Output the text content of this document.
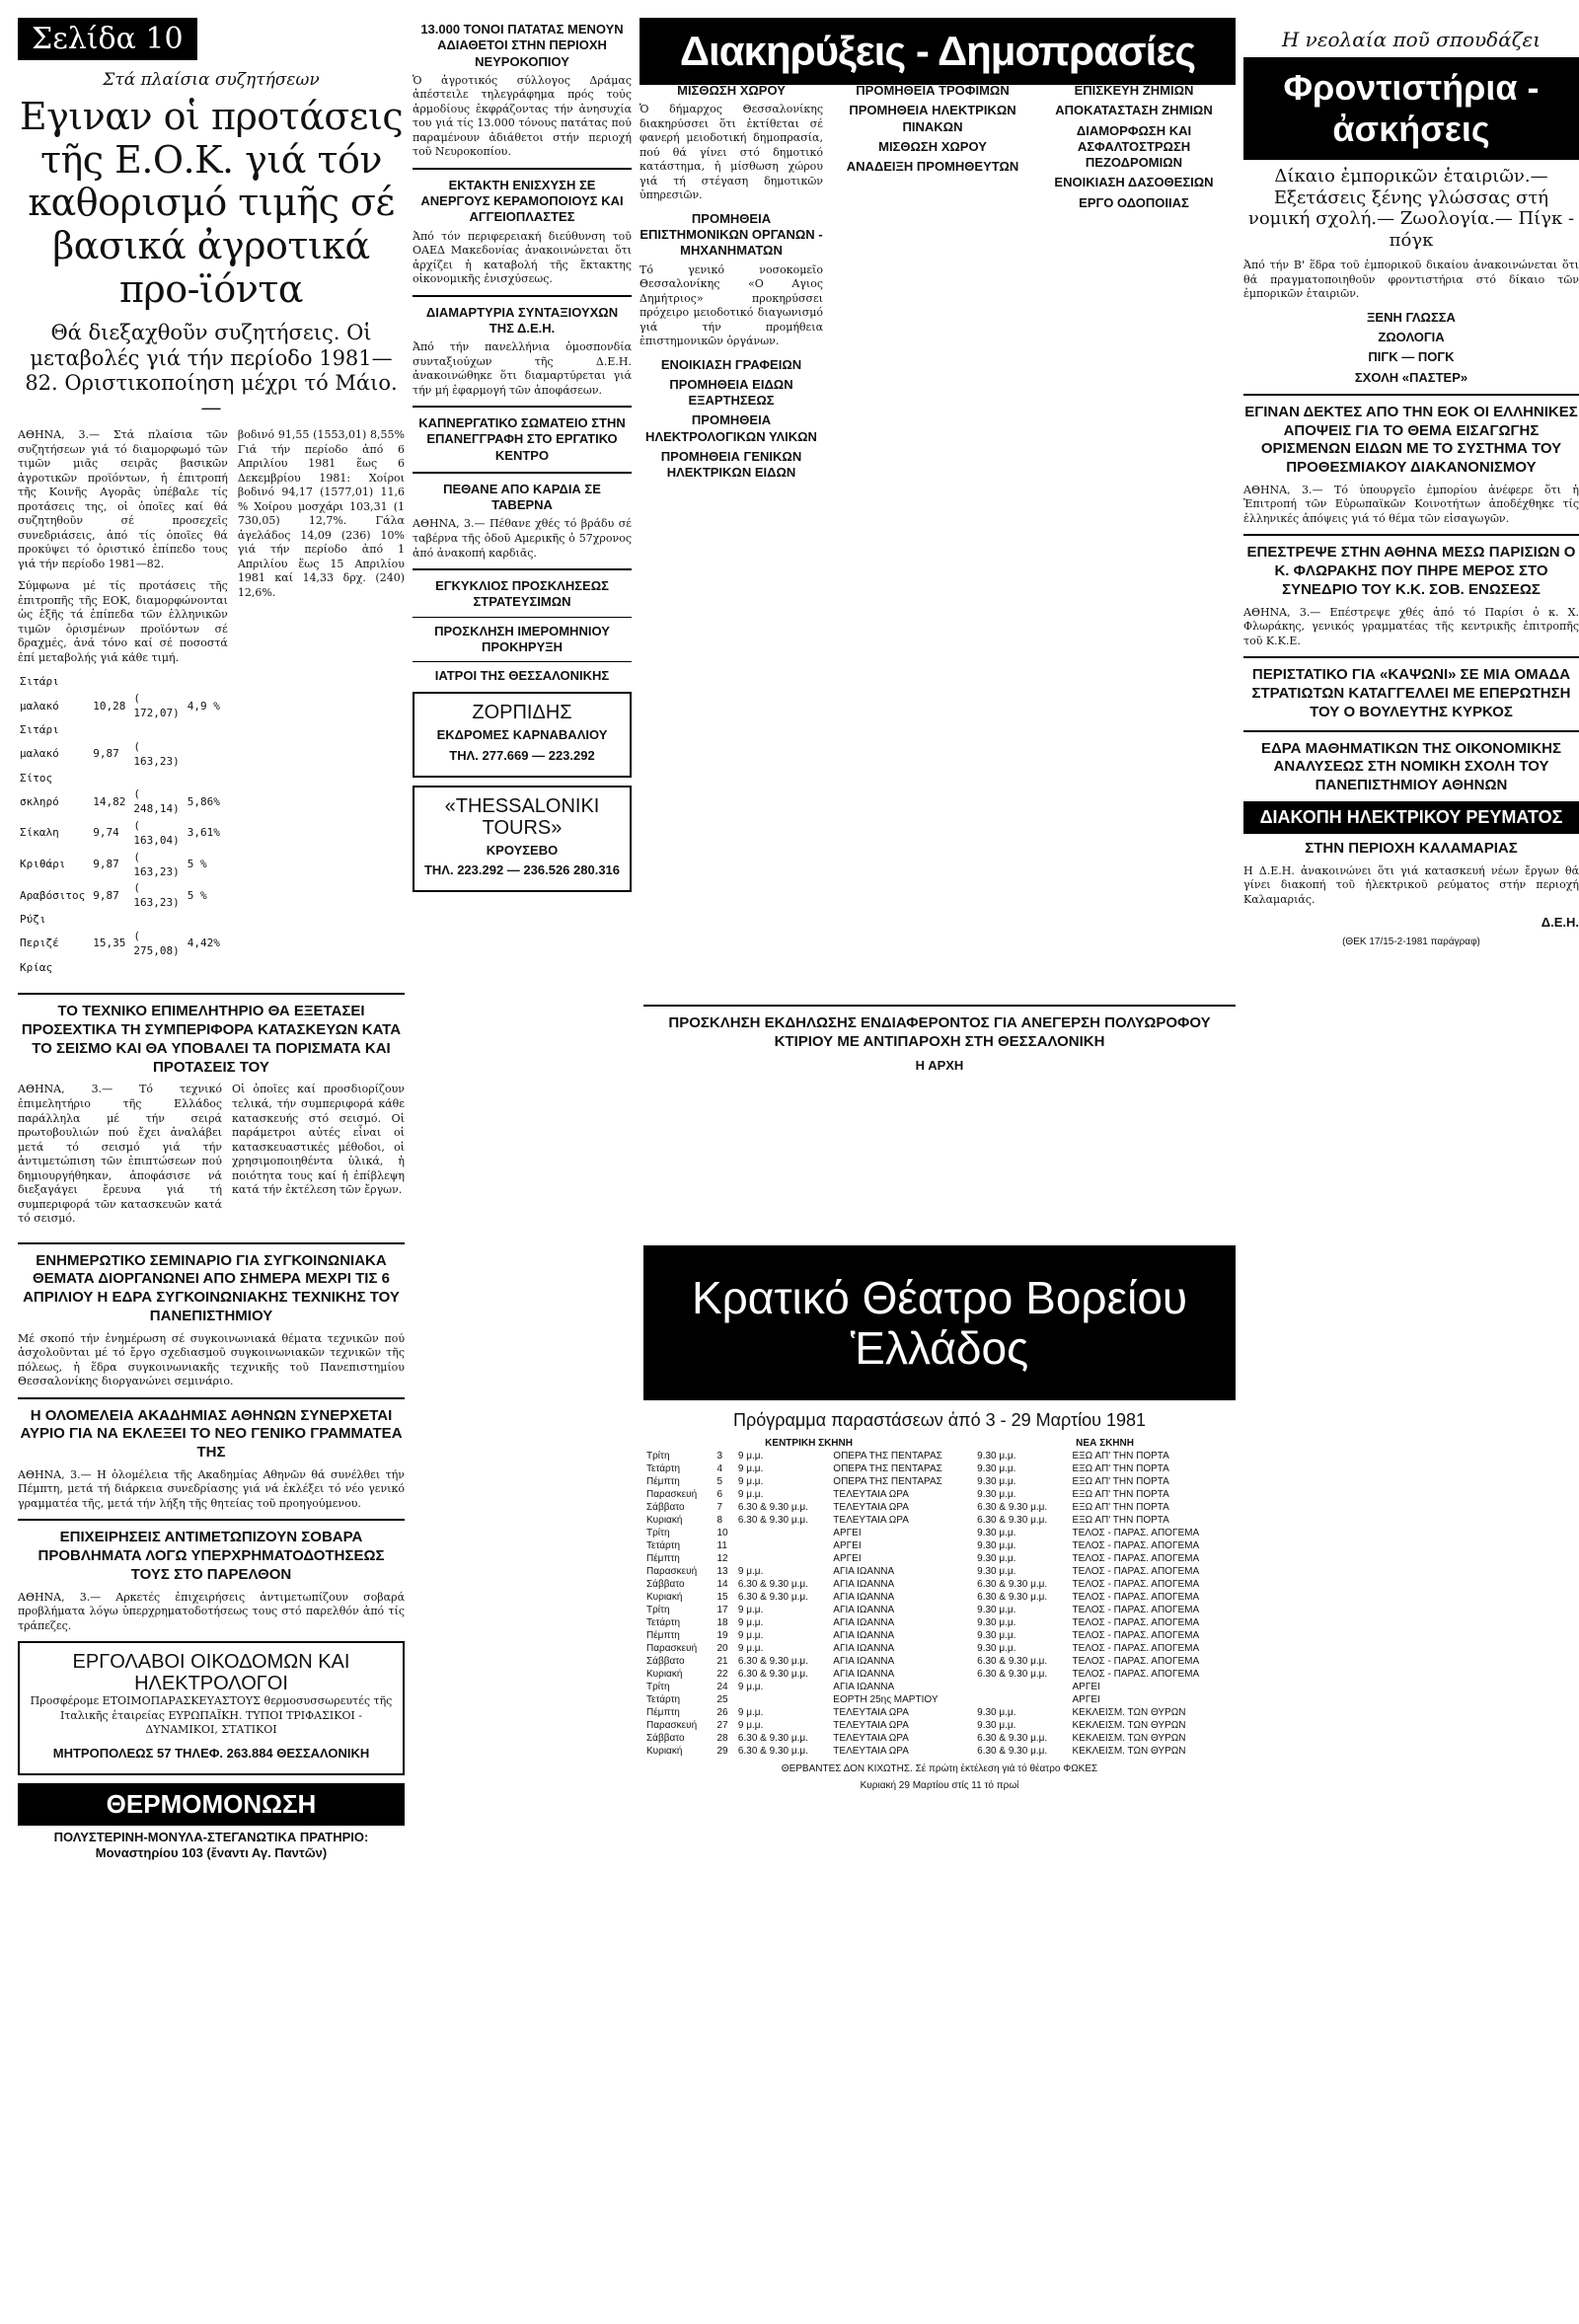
Σελίδα 10
Στά πλαίσια συζητήσεων
Εγιναν οἱ προτάσεις τῆς Ε.Ο.Κ. γιά τόν καθορισμό τιμῆς σέ βασικά ἀγροτικά προ-ϊόντα
Θά διεξαχθοῦν συζητήσεις. Οἱ μεταβολές γιά τήν περίοδο 1981—82. Οριστικοποίηση μέχρι τό Μάιο.—

ΑΘΗΝΑ, 3.— Στά πλαίσια τῶν συζητήσεων γιά τό διαμορφωμό τῶν τιμῶν μιᾶς σειρᾶς βασικῶν ἀγροτικῶν προϊόντων, ἡ ἐπιτροπή τῆς Κοινῆς Αγορᾶς ὑπέβαλε τίς προτάσεις της, οἱ ὁποῖες καί θά συζητηθοῦν σέ προσεχεῖς συνεδριάσεις, ἀπό τίς ὁποῖες θά προκύψει τό ὀριστικό ἐπίπεδο τους γιά τήν περίοδο 1981—82.

Σύμφωνα μέ τίς προτάσεις τῆς ἐπιτροπῆς τῆς ΕΟΚ, διαμορφώνονται ὡς ἑξῆς τά ἐπίπεδα τῶν ἑλληνικῶν τιμῶν ὁρισμένων προϊόντων σέ δραχμές, ἀνά τόνο καί σέ ποσοστά ἐπί μεταβολής γιά κάθε τιμή.

Σιτάρι			
μαλακό	10,28	( 172,07)	4,9 %
Σιτάρι			
μαλακό	9,87	( 163,23)	
Σίτος			
σκληρό	14,82	( 248,14)	5,86%
Σίκαλη	9,74	( 163,04)	3,61%
Κριθάρι	9,87	( 163,23)	5 %
Αραβόσιτος	9,87	( 163,23)	5 %
Ρύζι			
Περιζέ	15,35	( 275,08)	4,42%
Κρίας			

βοδινό 91,55 (1553,01) 8,55% Γιά τήν περίοδο ἀπό 6 Απριλίου 1981 ἕως 6 Δεκεμβρίου 1981: Χοίροι βοδινό 94,17 (1577,01) 11,6 % Χοίρου μοσχάρι 103,31 (1 730,05) 12,7%. Γάλα ἀγελάδος 14,09 (236) 10% γιά τήν περίοδο ἀπό 1 Απριλίου ἕως 15 Απριλίου 1981 καί 14,33 δρχ. (240) 12,6%.

ΤΟ ΤΕΧΝΙΚΟ ΕΠΙΜΕΛΗΤΗΡΙΟ ΘΑ ΕΞΕΤΑΣΕΙ ΠΡΟΣΕΧΤΙΚΑ ΤΗ ΣΥΜΠΕΡΙΦΟΡΑ ΚΑΤΑΣΚΕΥΩΝ ΚΑΤΑ ΤΟ ΣΕΙΣΜΟ ΚΑΙ ΘΑ ΥΠΟΒΑΛΕΙ ΤΑ ΠΟΡΙΣΜΑΤΑ ΚΑΙ ΠΡΟΤΑΣΕΙΣ ΤΟΥ

ΑΘΗΝΑ, 3.— Τό τεχνικό ἐπιμελητήριο τῆς Ελλάδος παράλληλα μέ τήν σειρά πρωτοβουλιών πού ἔχει ἀναλάβει μετά τό σεισμό γιά τήν ἀντιμετώπιση τῶν ἐπιπτώσεων πού δημιουργήθηκαν, ἀποφάσισε νά διεξαγάγει ἔρευνα γιά τή συμπεριφορά τῶν κατασκευῶν κατά τό σεισμό.

Οἱ ὁποῖες καί προσδιορίζουν τελικά, τήν συμπεριφορά κάθε κατασκευής στό σεισμό. Οἱ παράμετροι αὐτές εἶναι οἱ κατασκευαστικές μέθοδοι, οἱ χρησιμοποιηθέντα ὑλικά, ἡ ποιότητα τους καί ἡ ἐπίβλεψη κατά τήν ἐκτέλεση τῶν ἔργων.

ΕΝΗΜΕΡΩΤΙΚΟ ΣΕΜΙΝΑΡΙΟ ΓΙΑ ΣΥΓΚΟΙΝΩΝΙΑΚΑ ΘΕΜΑΤΑ ΔΙΟΡΓΑΝΩΝΕΙ ΑΠΟ ΣΗΜΕΡΑ ΜΕΧΡΙ ΤΙΣ 6 ΑΠΡΙΛΙΟΥ Η ΕΔΡΑ ΣΥΓΚΟΙΝΩΝΙΑΚΗΣ ΤΕΧΝΙΚΗΣ ΤΟΥ ΠΑΝΕΠΙΣΤΗΜΙΟΥ

Μέ σκοπό τήν ἐνημέρωση σέ συγκοινωνιακά θέματα τεχνικῶν πού ἀσχολοῦνται μέ τό ἔργο σχεδιασμοῦ συγκοινωνιακῶν τεχνικῶν τῆς πόλεως, ἡ ἕδρα συγκοινωνιακῆς τεχνικῆς τοῦ Πανεπιστημίου Θεσσαλονίκης διοργανώνει σεμινάριο.

Η ΟΛΟΜΕΛΕΙΑ ΑΚΑΔΗΜΙΑΣ ΑΘΗΝΩΝ ΣΥΝΕΡΧΕΤΑΙ ΑΥΡΙΟ ΓΙΑ ΝΑ ΕΚΛΕΞΕΙ ΤΟ ΝΕΟ ΓΕΝΙΚΟ ΓΡΑΜΜΑΤΕΑ ΤΗΣ

ΑΘΗΝΑ, 3.— Η ὁλομέλεια τῆς Ακαδημίας Αθηνῶν θά συνέλθει τήν Πέμπτη, μετά τή διάρκεια συνεδρίασης γιά νά ἐκλέξει τό νέο γενικό γραμματέα τῆς, μετά τήν λήξη τῆς θητείας τοῦ προηγούμενου.

ΕΠΙΧΕΙΡΗΣΕΙΣ ΑΝΤΙΜΕΤΩΠΙΖΟΥΝ ΣΟΒΑΡΑ ΠΡΟΒΛΗΜΑΤΑ ΛΟΓΩ ΥΠΕΡΧΡΗΜΑΤΟΔΟΤΗΣΕΩΣ ΤΟΥΣ ΣΤΟ ΠΑΡΕΛΘΟΝ

ΑΘΗΝΑ, 3.— Αρκετές ἐπιχειρήσεις ἀντιμετωπίζουν σοβαρά προβλήματα λόγω ὑπερχρηματοδοτήσεως τους στό παρελθόν ἀπό τίς τράπεζες.

ΕΡΓΟΛΑΒΟΙ ΟΙΚΟΔΟΜΩΝ ΚΑΙ ΗΛΕΚΤΡΟΛΟΓΟΙ

Προσφέρομε ΕΤΟΙΜΟΠΑΡΑΣΚΕΥΑΣΤΟΥΣ θερμοσυσσωρευτές τῆς Ιταλικῆς ἑταιρείας ΕΥΡΩΠΑΪΚΗ. ΤΥΠΟΙ ΤΡΙΦΑΣΙΚΟΙ - ΔΥΝΑΜΙΚΟΙ, ΣΤΑΤΙΚΟΙ

ΜΗΤΡΟΠΟΛΕΩΣ 57 ΤΗΛΕΦ. 263.884 ΘΕΣΣΑΛΟΝΙΚΗ
ΘΕΡΜΟΜΟΝΩΣΗ
ΠΟΛΥΣΤΕΡΙΝΗ-ΜΟΝΥΛΑ-ΣΤΕΓΑΝΩΤΙΚΑ ΠΡΑΤΗΡΙΟ: Μοναστηρίου 103 (ἔναντι Αγ. Παντῶν)
13.000 ΤΟΝΟΙ ΠΑΤΑΤΑΣ ΜΕΝΟΥΝ ΑΔΙΑΘΕΤΟΙ ΣΤΗΝ ΠΕΡΙΟΧΗ ΝΕΥΡΟΚΟΠΙΟΥ

Ὁ ἀγροτικός σύλλογος Δράμας ἀπέστειλε τηλεγράφημα πρός τούς ἁρμοδίους ἐκφράζοντας τήν ἀνησυχία του γιά τίς 13.000 τόνους πατάτας πού παραμένουν ἀδιάθετοι στήν περιοχή τοῦ Νευροκοπίου.

ΕΚΤΑΚΤΗ ΕΝΙΣΧΥΣΗ ΣΕ ΑΝΕΡΓΟΥΣ ΚΕΡΑΜΟΠΟΙΟΥΣ ΚΑΙ ΑΓΓΕΙΟΠΛΑΣΤΕΣ

Ἀπό τόν περιφερειακή διεύθυνση τοῦ ΟΑΕΔ Μακεδονίας ἀνακοινώνεται ὅτι ἀρχίζει ἡ καταβολή τῆς ἔκτακτης οἰκονομικῆς ἐνισχύσεως.

ΔΙΑΜΑΡΤΥΡΙΑ ΣΥΝΤΑΞΙΟΥΧΩΝ ΤΗΣ Δ.Ε.Η.

Ἀπό τήν πανελλήνια ὁμοσπονδία συνταξιούχων τῆς Δ.Ε.Η. ἀνακοινώθηκε ὅτι διαμαρτύρεται γιά τήν μή ἐφαρμογή τῶν ἀποφάσεων.

ΚΑΠΝΕΡΓΑΤΙΚΟ ΣΩΜΑΤΕΙΟ ΣΤΗΝ ΕΠΑΝΕΓΓΡΑΦΗ ΣΤΟ ΕΡΓΑΤΙΚΟ ΚΕΝΤΡΟ
ΠΕΘΑΝΕ ΑΠΟ ΚΑΡΔΙΑ ΣΕ ΤΑΒΕΡΝΑ

ΑΘΗΝΑ, 3.— Πέθανε χθές τό βράδυ σέ ταβέρνα τῆς ὁδοῦ Αμερικῆς ὁ 57χρονος ἀπό ἀνακοπή καρδιᾶς.

ΕΓΚΥΚΛΙΟΣ ΠΡΟΣΚΛΗΣΕΩΣ ΣΤΡΑΤΕΥΣΙΜΩΝ
ΠΡΟΣΚΛΗΣΗ ΙΜΕΡΟΜΗΝΙΟΥ ΠΡΟΚΗΡΥΞΗ
ΙΑΤΡΟΙ ΤΗΣ ΘΕΣΣΑΛΟΝΙΚΗΣ
ΖΟΡΠΙΔΗΣ
ΕΚΔΡΟΜΕΣ ΚΑΡΝΑΒΑΛΙΟΥ
ΤΗΛ. 277.669 — 223.292
«THESSALONIKI TOURS»
ΚΡΟΥΣΕΒΟ
ΤΗΛ. 223.292 — 236.526 280.316
Διακηρύξεις - Δημοπρασίες
ΜΙΣΘΩΣΗ ΧΩΡΟΥ

Ὁ δήμαρχος Θεσσαλονίκης διακηρύσσει ὅτι ἐκτίθεται σέ φανερή μειοδοτική δημοπρασία, πού θά γίνει στό δημοτικό κατάστημα, ἡ μίσθωση χώρου γιά τή στέγαση δημοτικῶν ὑπηρεσιῶν.

ΠΡΟΜΗΘΕΙΑ ΕΠΙΣΤΗΜΟΝΙΚΩΝ ΟΡΓΑΝΩΝ - ΜΗΧΑΝΗΜΑΤΩΝ

Τό γενικό νοσοκομεῖο Θεσσαλονίκης «Ο Αγιος Δημήτριος» προκηρύσσει πρόχειρο μειοδοτικό διαγωνισμό γιά τήν προμήθεια ἐπιστημονικῶν ὀργάνων.

ΕΝΟΙΚΙΑΣΗ ΓΡΑΦΕΙΩΝ
ΠΡΟΜΗΘΕΙΑ ΕΙΔΩΝ ΕΞΑΡΤΗΣΕΩΣ
ΠΡΟΜΗΘΕΙΑ ΗΛΕΚΤΡΟΛΟΓΙΚΩΝ ΥΛΙΚΩΝ
ΠΡΟΜΗΘΕΙΑ ΓΕΝΙΚΩΝ ΗΛΕΚΤΡΙΚΩΝ ΕΙΔΩΝ
ΠΡΟΜΗΘΕΙΑ ΤΡΟΦΙΜΩΝ
ΠΡΟΜΗΘΕΙΑ ΗΛΕΚΤΡΙΚΩΝ ΠΙΝΑΚΩΝ
ΜΙΣΘΩΣΗ ΧΩΡΟΥ
ΑΝΑΔΕΙΞΗ ΠΡΟΜΗΘΕΥΤΩΝ
ΕΠΙΣΚΕΥΗ ΖΗΜΙΩΝ
ΑΠΟΚΑΤΑΣΤΑΣΗ ΖΗΜΙΩΝ
ΔΙΑΜΟΡΦΩΣΗ ΚΑΙ ΑΣΦΑΛΤΟΣΤΡΩΣΗ ΠΕΖΟΔΡΟΜΙΩΝ
ΕΝΟΙΚΙΑΣΗ ΔΑΣΟΘΕΣΙΩΝ
ΕΡΓΟ ΟΔΟΠΟΙΙΑΣ
ΠΡΟΣΚΛΗΣΗ ΕΚΔΗΛΩΣΗΣ ΕΝΔΙΑΦΕΡΟΝΤΟΣ ΓΙΑ ΑΝΕΓΕΡΣΗ ΠΟΛΥΩΡΟΦΟΥ ΚΤΙΡΙΟΥ ΜΕ ΑΝΤΙΠΑΡΟΧΗ ΣΤΗ ΘΕΣΣΑΛΟΝΙΚΗ
Η ΑΡΧΗ
Κρατικό Θέατρο Βορείου Ἑλλάδος
Πρόγραμμα παραστάσεων ἀπό 3 - 29 Μαρτίου 1981
ΚΕΝΤΡΙΚΗ ΣΚΗΝΗ				ΝΕΑ ΣΚΗΝΗ	
Τρίτη	3	9 μ.μ.	ΟΠΕΡΑ ΤΗΣ ΠΕΝΤΑΡΑΣ	9.30 μ.μ.	ΕΞΩ ΑΠ' ΤΗΝ ΠΟΡΤΑ
Τετάρτη	4	9 μ.μ.	ΟΠΕΡΑ ΤΗΣ ΠΕΝΤΑΡΑΣ	9.30 μ.μ.	ΕΞΩ ΑΠ' ΤΗΝ ΠΟΡΤΑ
Πέμπτη	5	9 μ.μ.	ΟΠΕΡΑ ΤΗΣ ΠΕΝΤΑΡΑΣ	9.30 μ.μ.	ΕΞΩ ΑΠ' ΤΗΝ ΠΟΡΤΑ
Παρασκευή	6	9 μ.μ.	ΤΕΛΕΥΤΑΙΑ ΩΡΑ	9.30 μ.μ.	ΕΞΩ ΑΠ' ΤΗΝ ΠΟΡΤΑ
Σάββατο	7	6.30 & 9.30 μ.μ.	ΤΕΛΕΥΤΑΙΑ ΩΡΑ	6.30 & 9.30 μ.μ.	ΕΞΩ ΑΠ' ΤΗΝ ΠΟΡΤΑ
Κυριακή	8	6.30 & 9.30 μ.μ.	ΤΕΛΕΥΤΑΙΑ ΩΡΑ	6.30 & 9.30 μ.μ.	ΕΞΩ ΑΠ' ΤΗΝ ΠΟΡΤΑ
Τρίτη	10		ΑΡΓΕΙ	9.30 μ.μ.	ΤΕΛΟΣ - ΠΑΡΑΣ. ΑΠΟΓΕΜΑ
Τετάρτη	11		ΑΡΓΕΙ	9.30 μ.μ.	ΤΕΛΟΣ - ΠΑΡΑΣ. ΑΠΟΓΕΜΑ
Πέμπτη	12		ΑΡΓΕΙ	9.30 μ.μ.	ΤΕΛΟΣ - ΠΑΡΑΣ. ΑΠΟΓΕΜΑ
Παρασκευή	13	9 μ.μ.	ΑΓΙΑ ΙΩΑΝΝΑ	9.30 μ.μ.	ΤΕΛΟΣ - ΠΑΡΑΣ. ΑΠΟΓΕΜΑ
Σάββατο	14	6.30 & 9.30 μ.μ.	ΑΓΙΑ ΙΩΑΝΝΑ	6.30 & 9.30 μ.μ.	ΤΕΛΟΣ - ΠΑΡΑΣ. ΑΠΟΓΕΜΑ
Κυριακή	15	6.30 & 9.30 μ.μ.	ΑΓΙΑ ΙΩΑΝΝΑ	6.30 & 9.30 μ.μ.	ΤΕΛΟΣ - ΠΑΡΑΣ. ΑΠΟΓΕΜΑ
Τρίτη	17	9 μ.μ.	ΑΓΙΑ ΙΩΑΝΝΑ	9.30 μ.μ.	ΤΕΛΟΣ - ΠΑΡΑΣ. ΑΠΟΓΕΜΑ
Τετάρτη	18	9 μ.μ.	ΑΓΙΑ ΙΩΑΝΝΑ	9.30 μ.μ.	ΤΕΛΟΣ - ΠΑΡΑΣ. ΑΠΟΓΕΜΑ
Πέμπτη	19	9 μ.μ.	ΑΓΙΑ ΙΩΑΝΝΑ	9.30 μ.μ.	ΤΕΛΟΣ - ΠΑΡΑΣ. ΑΠΟΓΕΜΑ
Παρασκευή	20	9 μ.μ.	ΑΓΙΑ ΙΩΑΝΝΑ	9.30 μ.μ.	ΤΕΛΟΣ - ΠΑΡΑΣ. ΑΠΟΓΕΜΑ
Σάββατο	21	6.30 & 9.30 μ.μ.	ΑΓΙΑ ΙΩΑΝΝΑ	6.30 & 9.30 μ.μ.	ΤΕΛΟΣ - ΠΑΡΑΣ. ΑΠΟΓΕΜΑ
Κυριακή	22	6.30 & 9.30 μ.μ.	ΑΓΙΑ ΙΩΑΝΝΑ	6.30 & 9.30 μ.μ.	ΤΕΛΟΣ - ΠΑΡΑΣ. ΑΠΟΓΕΜΑ
Τρίτη	24	9 μ.μ.	ΑΓΙΑ ΙΩΑΝΝΑ		ΑΡΓΕΙ
Τετάρτη	25		ΕΟΡΤΗ 25ης ΜΑΡΤΙΟΥ		ΑΡΓΕΙ
Πέμπτη	26	9 μ.μ.	ΤΕΛΕΥΤΑΙΑ ΩΡΑ	9.30 μ.μ.	ΚΕΚΛΕΙΣΜ. ΤΩΝ ΘΥΡΩΝ
Παρασκευή	27	9 μ.μ.	ΤΕΛΕΥΤΑΙΑ ΩΡΑ	9.30 μ.μ.	ΚΕΚΛΕΙΣΜ. ΤΩΝ ΘΥΡΩΝ
Σάββατο	28	6.30 & 9.30 μ.μ.	ΤΕΛΕΥΤΑΙΑ ΩΡΑ	6.30 & 9.30 μ.μ.	ΚΕΚΛΕΙΣΜ. ΤΩΝ ΘΥΡΩΝ
Κυριακή	29	6.30 & 9.30 μ.μ.	ΤΕΛΕΥΤΑΙΑ ΩΡΑ	6.30 & 9.30 μ.μ.	ΚΕΚΛΕΙΣΜ. ΤΩΝ ΘΥΡΩΝ
ΘΕΡΒΑΝΤΕΣ ΔΟΝ ΚΙΧΩΤΗΣ. Σέ πρώτη ἐκτέλεση γιά τό θέατρο ΦΩΚΕΣ
Κυριακή 29 Μαρτίου στίς 11 τό πρωί
Η νεολαία ποῦ σπουδάζει
Φροντιστήρια - ἀσκήσεις
Δίκαιο ἐμπορικῶν ἑταιριῶν.— Εξετάσεις ξένης γλώσσας στή νομική σχολή.— Ζωολογία.— Πίγκ - πόγκ

Ἀπό τήν Β' ἕδρα τοῦ ἐμπορικοῦ δικαίου ἀνακοινώνεται ὅτι θά πραγματοποιηθοῦν φροντιστήρια στό δίκαιο τῶν ἐμπορικῶν ἑταιριῶν.

ΞΕΝΗ ΓΛΩΣΣΑ
ΖΩΟΛΟΓΙΑ
ΠΙΓΚ — ΠΟΓΚ
ΣΧΟΛΗ «ΠΑΣΤΕΡ»
ΕΓΙΝΑΝ ΔΕΚΤΕΣ ΑΠΟ ΤΗΝ ΕΟΚ ΟΙ ΕΛΛΗΝΙΚΕΣ ΑΠΟΨΕΙΣ ΓΙΑ ΤΟ ΘΕΜΑ ΕΙΣΑΓΩΓΗΣ ΟΡΙΣΜΕΝΩΝ ΕΙΔΩΝ ΜΕ ΤΟ ΣΥΣΤΗΜΑ ΤΟΥ ΠΡΟΘΕΣΜΙΑΚΟΥ ΔΙΑΚΑΝΟΝΙΣΜΟΥ

ΑΘΗΝΑ, 3.— Τό ὑπουργεῖο ἐμπορίου ἀνέφερε ὅτι ἡ Ἐπιτροπή τῶν Εὐρωπαϊκῶν Κοινοτήτων ἀποδέχθηκε τίς ἑλληνικές ἀπόψεις γιά τό θέμα τῶν εἰσαγωγῶν.

ΕΠΕΣΤΡΕΨΕ ΣΤΗΝ ΑΘΗΝΑ ΜΕΣΩ ΠΑΡΙΣΙΩΝ Ο Κ. ΦΛΩΡΑΚΗΣ ΠΟΥ ΠΗΡΕ ΜΕΡΟΣ ΣΤΟ ΣΥΝΕΔΡΙΟ ΤΟΥ Κ.Κ. ΣΟΒ. ΕΝΩΣΕΩΣ

ΑΘΗΝΑ, 3.— Επέστρεψε χθές ἀπό τό Παρίσι ὁ κ. Χ. Φλωράκης, γενικός γραμματέας τῆς κεντρικῆς ἐπιτροπῆς τοῦ Κ.Κ.Ε.

ΠΕΡΙΣΤΑΤΙΚΟ ΓΙΑ «ΚΑΨΩΝΙ» ΣΕ ΜΙΑ ΟΜΑΔΑ ΣΤΡΑΤΙΩΤΩΝ ΚΑΤΑΓΓΕΛΛΕΙ ΜΕ ΕΠΕΡΩΤΗΣΗ ΤΟΥ Ο ΒΟΥΛΕΥΤΗΣ ΚΥΡΚΟΣ
ΕΔΡΑ ΜΑΘΗΜΑΤΙΚΩΝ ΤΗΣ ΟΙΚΟΝΟΜΙΚΗΣ ΑΝΑΛΥΣΕΩΣ ΣΤΗ ΝΟΜΙΚΗ ΣΧΟΛΗ ΤΟΥ ΠΑΝΕΠΙΣΤΗΜΙΟΥ ΑΘΗΝΩΝ
ΔΙΑΚΟΠΗ ΗΛΕΚΤΡΙΚΟΥ ΡΕΥΜΑΤΟΣ
ΣΤΗΝ ΠΕΡΙΟΧΗ ΚΑΛΑΜΑΡΙΑΣ

Η Δ.Ε.Η. ἀνακοινώνει ὅτι γιά κατασκευή νέων ἔργων θά γίνει διακοπή τοῦ ἠλεκτρικοῦ ρεύματος στήν περιοχή Καλαμαριάς.

Δ.Ε.Η.
(ΘΕΚ 17/15-2-1981 παράγραφ)
